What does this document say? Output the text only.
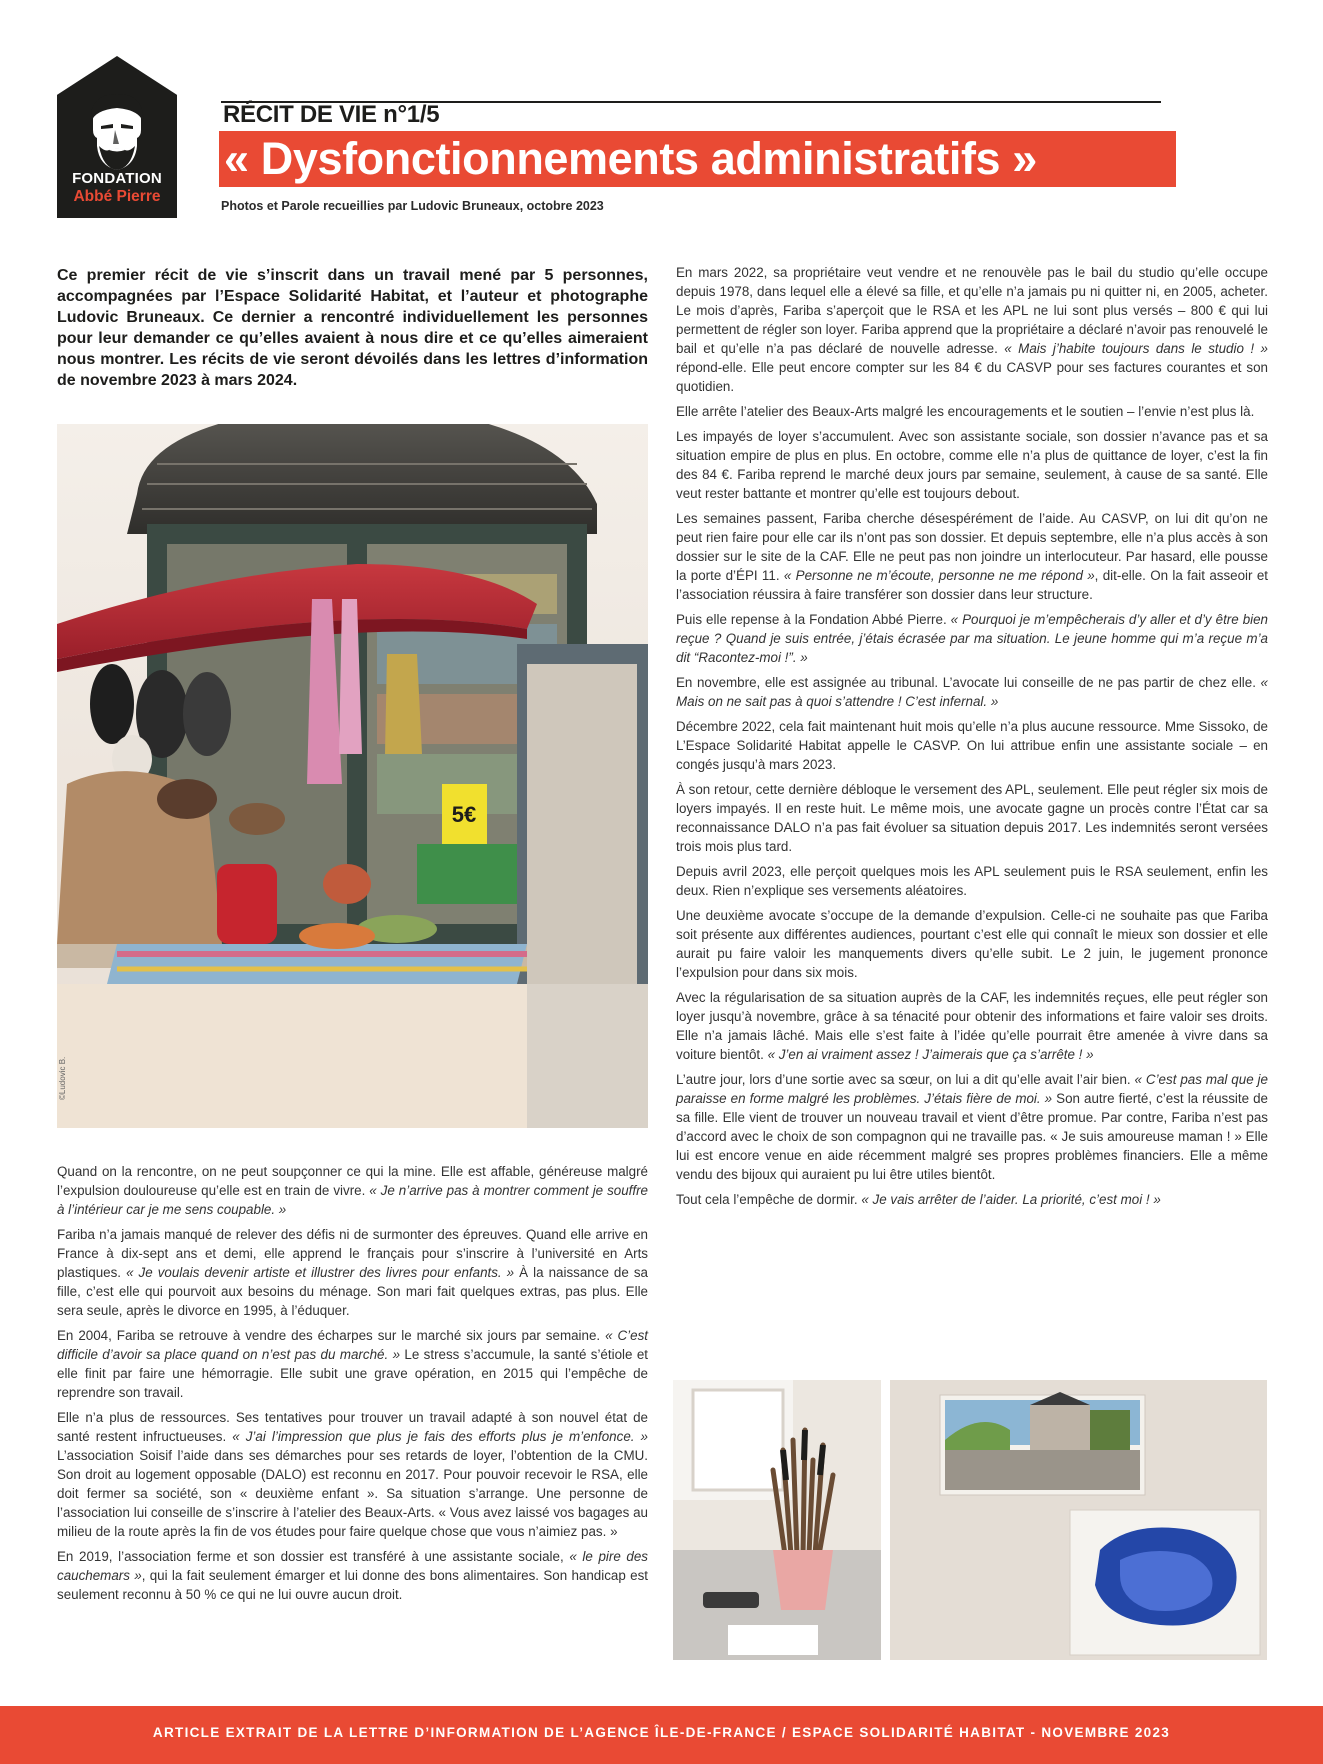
FONDATION
Abbé Pierre
RÉCIT DE VIE n°1/5
« Dysfonctionnements administratifs »
Photos et Parole recueillies par Ludovic Bruneaux, octobre 2023
Ce premier récit de vie s’inscrit dans un travail mené par 5 personnes, accompagnées par l’Espace Solidarité Habitat, et l’auteur et photographe Ludovic Bruneaux. Ce dernier a rencontré individuellement les personnes pour leur demander ce qu’elles avaient à nous dire et ce qu’elles aimeraient nous montrer. Les récits de vie seront dévoilés dans les lettres d’information de novembre 2023 à mars 2024.
5€
©Ludovic B.

Quand on la rencontre, on ne peut soupçonner ce qui la mine. Elle est affable, généreuse malgré l’expulsion douloureuse qu’elle est en train de vivre. « Je n’arrive pas à montrer comment je souffre à l’intérieur car je me sens coupable. »

Fariba n’a jamais manqué de relever des défis ni de surmonter des épreuves. Quand elle arrive en France à dix-sept ans et demi, elle apprend le français pour s’inscrire à l’université en Arts plastiques. « Je voulais devenir artiste et illustrer des livres pour enfants. » À la naissance de sa fille, c’est elle qui pourvoit aux besoins du ménage. Son mari fait quelques extras, pas plus. Elle sera seule, après le divorce en 1995, à l’éduquer.

En 2004, Fariba se retrouve à vendre des écharpes sur le marché six jours par semaine. « C’est difficile d’avoir sa place quand on n’est pas du marché. » Le stress s’accumule, la santé s’étiole et elle finit par faire une hémorragie. Elle subit une grave opération, en 2015 qui l’empêche de reprendre son travail.

Elle n’a plus de ressources. Ses tentatives pour trouver un travail adapté à son nouvel état de santé restent infructueuses. « J’ai l’impression que plus je fais des efforts plus je m’enfonce. » L’association Soisif l’aide dans ses démarches pour ses retards de loyer, l’obtention de la CMU. Son droit au logement opposable (DALO) est reconnu en 2017. Pour pouvoir recevoir le RSA, elle doit fermer sa société, son « deuxième enfant ». Sa situation s’arrange. Une personne de l’association lui conseille de s’inscrire à l’atelier des Beaux-Arts. « Vous avez laissé vos bagages au milieu de la route après la fin de vos études pour faire quelque chose que vous n’aimiez pas. »

En 2019, l’association ferme et son dossier est transféré à une assistante sociale, « le pire des cauchemars », qui la fait seulement émarger et lui donne des bons alimentaires. Son handicap est seulement reconnu à 50 % ce qui ne lui ouvre aucun droit.

En mars 2022, sa propriétaire veut vendre et ne renouvèle pas le bail du studio qu’elle occupe depuis 1978, dans lequel elle a élevé sa fille, et qu’elle n’a jamais pu ni quitter ni, en 2005, acheter. Le mois d’après, Fariba s’aperçoit que le RSA et les APL ne lui sont plus versés – 800 € qui lui permettent de régler son loyer. Fariba apprend que la propriétaire a déclaré n’avoir pas renouvelé le bail et qu’elle n’a pas déclaré de nouvelle adresse. « Mais j’habite toujours dans le studio ! » répond-elle. Elle peut encore compter sur les 84 € du CASVP pour ses factures courantes et son quotidien.

Elle arrête l’atelier des Beaux-Arts malgré les encouragements et le soutien – l’envie n’est plus là.

Les impayés de loyer s’accumulent. Avec son assistante sociale, son dossier n’avance pas et sa situation empire de plus en plus. En octobre, comme elle n’a plus de quittance de loyer, c’est la fin des 84 €. Fariba reprend le marché deux jours par semaine, seulement, à cause de sa santé. Elle veut rester battante et montrer qu’elle est toujours debout.

Les semaines passent, Fariba cherche désespérément de l’aide. Au CASVP, on lui dit qu’on ne peut rien faire pour elle car ils n’ont pas son dossier. Et depuis septembre, elle n’a plus accès à son dossier sur le site de la CAF. Elle ne peut pas non joindre un interlocuteur. Par hasard, elle pousse la porte d’ÉPI 11. « Personne ne m’écoute, personne ne me répond », dit-elle. On la fait asseoir et l’association réussira à faire transférer son dossier dans leur structure.

Puis elle repense à la Fondation Abbé Pierre. « Pourquoi je m’empêcherais d’y aller et d’y être bien reçue ? Quand je suis entrée, j’étais écrasée par ma situation. Le jeune homme qui m’a reçue m’a dit “Racontez-moi !”. »

En novembre, elle est assignée au tribunal. L’avocate lui conseille de ne pas partir de chez elle. « Mais on ne sait pas à quoi s’attendre ! C’est infernal. »

Décembre 2022, cela fait maintenant huit mois qu’elle n’a plus aucune ressource. Mme Sissoko, de L’Espace Solidarité Habitat appelle le CASVP. On lui attribue enfin une assistante sociale – en congés jusqu’à mars 2023.

À son retour, cette dernière débloque le versement des APL, seulement. Elle peut régler six mois de loyers impayés. Il en reste huit. Le même mois, une avocate gagne un procès contre l’État car sa reconnaissance DALO n’a pas fait évoluer sa situation depuis 2017. Les indemnités seront versées trois mois plus tard.

Depuis avril 2023, elle perçoit quelques mois les APL seulement puis le RSA seulement, enfin les deux. Rien n’explique ses versements aléatoires.

Une deuxième avocate s’occupe de la demande d’expulsion. Celle-ci ne souhaite pas que Fariba soit présente aux différentes audiences, pourtant c’est elle qui connaît le mieux son dossier et elle aurait pu faire valoir les manquements divers qu’elle subit. Le 2 juin, le jugement prononce l’expulsion pour dans six mois.

Avec la régularisation de sa situation auprès de la CAF, les indemnités reçues, elle peut régler son loyer jusqu’à novembre, grâce à sa ténacité pour obtenir des informations et faire valoir ses droits. Elle n’a jamais lâché. Mais elle s’est faite à l’idée qu’elle pourrait être amenée à vivre dans sa voiture bientôt. « J’en ai vraiment assez ! J’aimerais que ça s’arrête ! »

L’autre jour, lors d’une sortie avec sa sœur, on lui a dit qu’elle avait l’air bien. « C’est pas mal que je paraisse en forme malgré les problèmes. J’étais fière de moi. » Son autre fierté, c’est la réussite de sa fille. Elle vient de trouver un nouveau travail et vient d’être promue. Par contre, Fariba n’est pas d’accord avec le choix de son compagnon qui ne travaille pas. « Je suis amoureuse maman ! » Elle lui est encore venue en aide récemment malgré ses propres problèmes financiers. Elle a même vendu des bijoux qui auraient pu lui être utiles bientôt.

Tout cela l’empêche de dormir. « Je vais arrêter de l’aider. La priorité, c’est moi ! »

ARTICLE EXTRAIT DE LA LETTRE D’INFORMATION DE L’AGENCE ÎLE-DE-FRANCE / ESPACE SOLIDARITÉ HABITAT - NOVEMBRE 2023
